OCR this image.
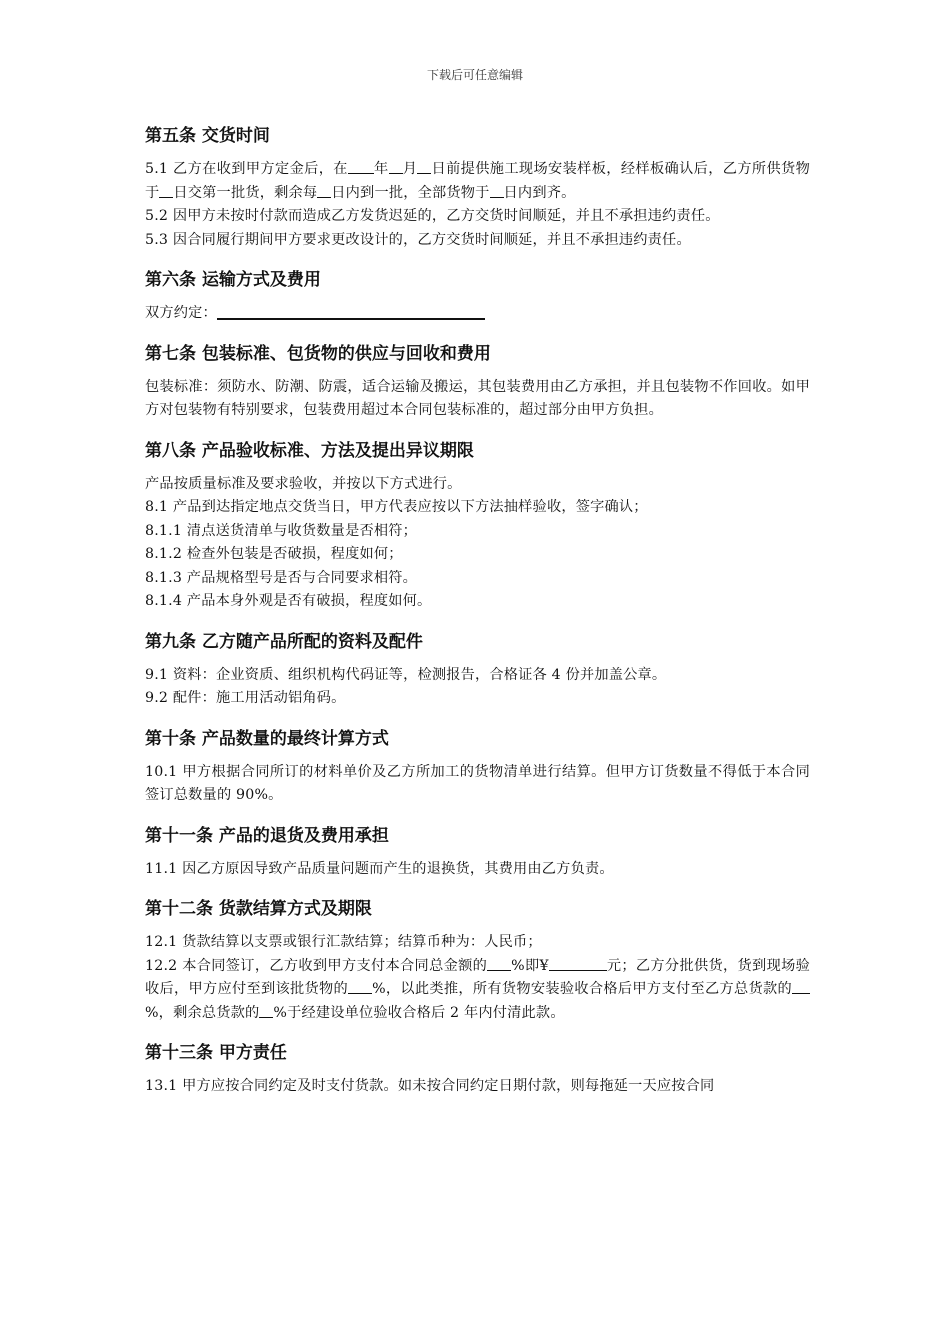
下载后可任意编辑
第五条 交货时间

5.1 乙方在收到甲方定金后，在 年 月 日前提供施工现场安装样板，经样板确认后，乙方所供货物于 日交第一批货，剩余每 日内到一批，全部货物于 日内到齐。

5.2 因甲方未按时付款而造成乙方发货迟延的，乙方交货时间顺延，并且不承担违约责任。

5.3 因合同履行期间甲方要求更改设计的，乙方交货时间顺延，并且不承担违约责任。

第六条 运输方式及费用

双方约定：

第七条 包装标准、包货物的供应与回收和费用

包装标准：须防水、防潮、防震，适合运输及搬运，其包装费用由乙方承担，并且包装物不作回收。如甲方对包装物有特别要求，包装费用超过本合同包装标准的，超过部分由甲方负担。

第八条 产品验收标准、方法及提出异议期限

产品按质量标准及要求验收，并按以下方式进行。

8.1 产品到达指定地点交货当日，甲方代表应按以下方法抽样验收，签字确认；

8.1.1 清点送货清单与收货数量是否相符；

8.1.2 检查外包装是否破损，程度如何；

8.1.3 产品规格型号是否与合同要求相符。

8.1.4 产品本身外观是否有破损，程度如何。

第九条 乙方随产品所配的资料及配件

9.1 资料：企业资质、组织机构代码证等，检测报告，合格证各 4 份并加盖公章。

9.2 配件：施工用活动铝角码。

第十条 产品数量的最终计算方式

10.1 甲方根据合同所订的材料单价及乙方所加工的货物清单进行结算。但甲方订货数量不得低于本合同签订总数量的 90%。

第十一条 产品的退货及费用承担

11.1 因乙方原因导致产品质量问题而产生的退换货，其费用由乙方负责。

第十二条 货款结算方式及期限

12.1 货款结算以支票或银行汇款结算；结算币种为：人民币；

12.2 本合同签订，乙方收到甲方支付本合同总金额的 %即¥	元；乙方分批供货，货到现场验收后，甲方应付至到该批货物的 %，以此类推，所有货物安装验收合格后甲方支付至乙方总货款的%，剩余总货款的 %于经建设单位验收合格后 2 年内付清此款。

第十三条 甲方责任

13.1 甲方应按合同约定及时支付货款。如未按合同约定日期付款，则每拖延一天应按合同
